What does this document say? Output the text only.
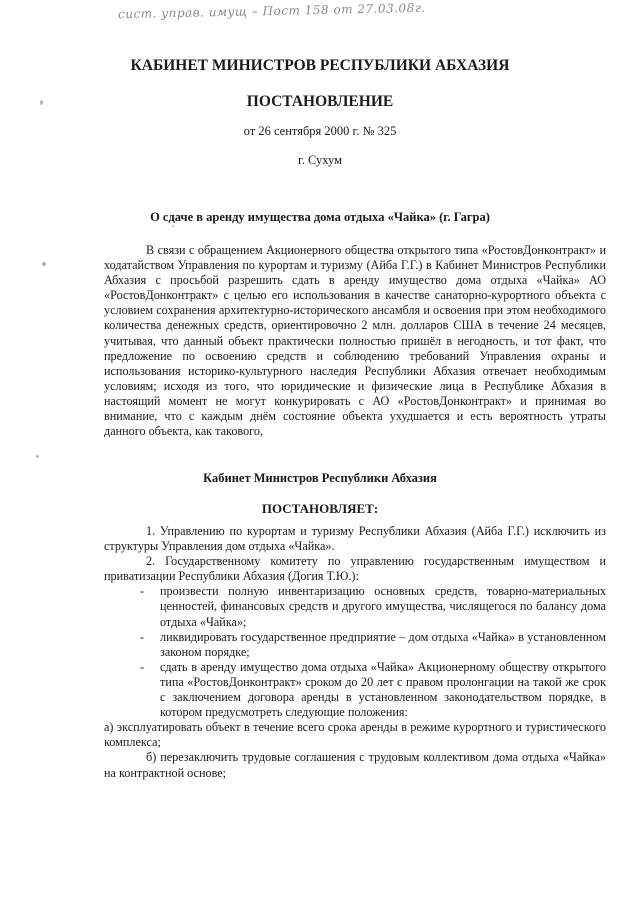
сист. управ. имущ – Пост 158 от 27.03.08г.
КАБИНЕТ МИНИСТРОВ РЕСПУБЛИКИ АБХАЗИЯ
ПОСТАНОВЛЕНИЕ
от 26 сентября 2000 г. № 325
г. Сухум
О сдаче в аренду имущества дома отдыха «Чайка» (г. Гагра)

В связи с обращением Акционерного общества открытого типа «РостовДонконтракт» и ходатайством Управления по курортам и туризму (Айба Г.Г.) в Кабинет Министров Республики Абхазия с просьбой разрешить сдать в аренду имущество дома отдыха «Чайка» АО «РостовДонконтракт» с целью его использования в качестве санаторно-курортного объекта с условием сохранения архитектурно-исторического ансамбля и освоения при этом необходимого количества денежных средств, ориентировочно 2 млн. долларов США в течение 24 месяцев, учитывая, что данный объект практически полностью пришёл в негодность, и тот факт, что предложение по освоению средств и соблюдению требований Управления охраны и использования историко-культурного наследия Республики Абхазия отвечает необходимым условиям; исходя из того, что юридические и физические лица в Республике Абхазия в настоящий момент не могут конкурировать с АО «РостовДонконтракт» и принимая во внимание, что с каждым днём состояние объекта ухудшается и есть вероятность утраты данного объекта, как такового,

Кабинет Министров Республики Абхазия
ПОСТАНОВЛЯЕТ:

1. Управлению по курортам и туризму Республики Абхазия (Айба Г.Г.) исключить из структуры Управления дом отдыха «Чайка».

2. Государственному комитету по управлению государственным имуществом и приватизации Республики Абхазия (Догия Т.Ю.):

- произвести полную инвентаризацию основных средств, товарно-материальных ценностей, финансовых средств и другого имущества, числящегося по балансу дома отдыха «Чайка»;

- ликвидировать государственное предприятие – дом отдыха «Чайка» в установленном законом порядке;

- сдать в аренду имущество дома отдыха «Чайка» Акционерному обществу открытого типа «РостовДонконтракт» сроком до 20 лет с правом пролонгации на такой же срок с заключением договора аренды в установленном законодательством порядке, в котором предусмотреть следующие положения:

а) эксплуатировать объект в течение всего срока аренды в режиме курортного и туристического комплекса;

б) перезаключить трудовые соглашения с трудовым коллективом дома отдыха «Чайка» на контрактной основе;
